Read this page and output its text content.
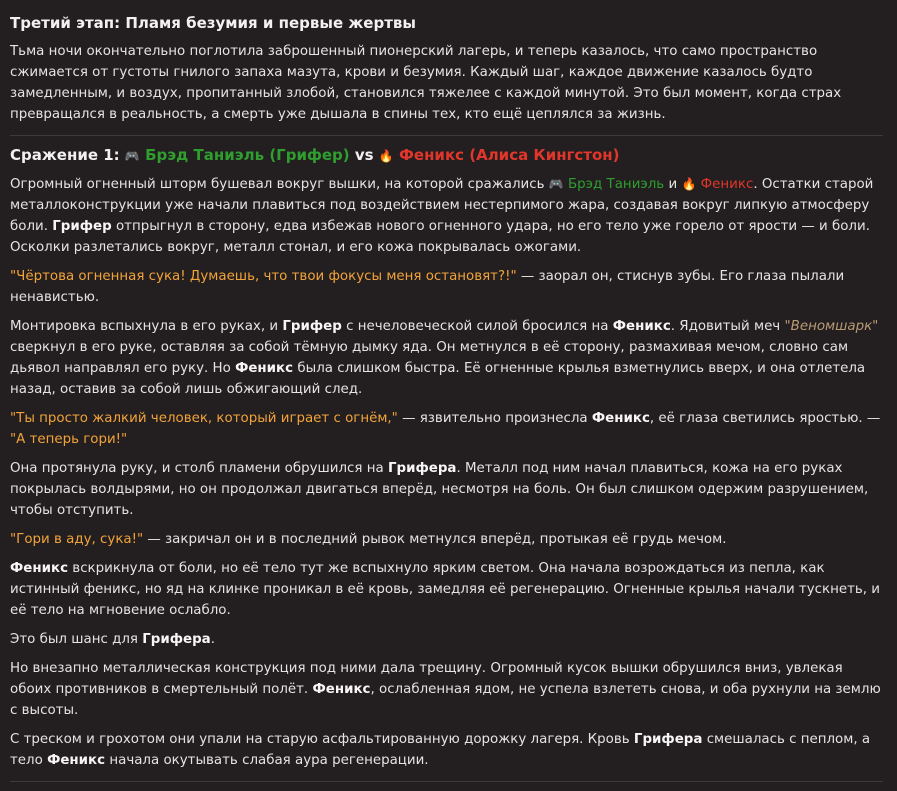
Третий этап: Пламя безумия и первые жертвы

Тьма ночи окончательно поглотила заброшенный пионерский лагерь, и теперь казалось, что само пространство сжимается от густоты гнилого запаха мазута, крови и безумия. Каждый шаг, каждое движение казалось будто замедленным, и воздух, пропитанный злобой, становился тяжелее с каждой минутой. Это был момент, когда страх превращался в реальность, а смерть уже дышала в спины тех, кто ещё цеплялся за жизнь.

Сражение 1: 🎮 Брэд Таниэль (Грифер) vs 🔥 Феникс (Алиса Кингстон)

Огромный огненный шторм бушевал вокруг вышки, на которой сражались 🎮 Брэд Таниэль и 🔥 Феникс. Остатки старой металлоконструкции уже начали плавиться под воздействием нестерпимого жара, создавая вокруг липкую атмосферу боли. Грифер отпрыгнул в сторону, едва избежав нового огненного удара, но его тело уже горело от ярости — и боли. Осколки разлетались вокруг, металл стонал, и его кожа покрывалась ожогами.

"Чёртова огненная сука! Думаешь, что твои фокусы меня остановят?!" — заорал он, стиснув зубы. Его глаза пылали ненавистью.

Монтировка вспыхнула в его руках, и Грифер с нечеловеческой силой бросился на Феникс. Ядовитый меч "Веномшарк" сверкнул в его руке, оставляя за собой тёмную дымку яда. Он метнулся в её сторону, размахивая мечом, словно сам дьявол направлял его руку. Но Феникс была слишком быстра. Её огненные крылья взметнулись вверх, и она отлетела назад, оставив за собой лишь обжигающий след.

"Ты просто жалкий человек, который играет с огнём," — язвительно произнесла Феникс, её глаза светились яростью. — "А теперь гори!"

Она протянула руку, и столб пламени обрушился на Грифера. Металл под ним начал плавиться, кожа на его руках покрылась волдырями, но он продолжал двигаться вперёд, несмотря на боль. Он был слишком одержим разрушением, чтобы отступить.

"Гори в аду, сука!" — закричал он и в последний рывок метнулся вперёд, протыкая её грудь мечом.

Феникс вскрикнула от боли, но её тело тут же вспыхнуло ярким светом. Она начала возрождаться из пепла, как истинный феникс, но яд на клинке проникал в её кровь, замедляя её регенерацию. Огненные крылья начали тускнеть, и её тело на мгновение ослабло.

Это был шанс для Грифера.

Но внезапно металлическая конструкция под ними дала трещину. Огромный кусок вышки обрушился вниз, увлекая обоих противников в смертельный полёт. Феникс, ослабленная ядом, не успела взлететь снова, и оба рухнули на землю с высоты.

С треском и грохотом они упали на старую асфальтированную дорожку лагеря. Кровь Грифера смешалась с пеплом, а тело Феникс начала окутывать слабая аура регенерации.
